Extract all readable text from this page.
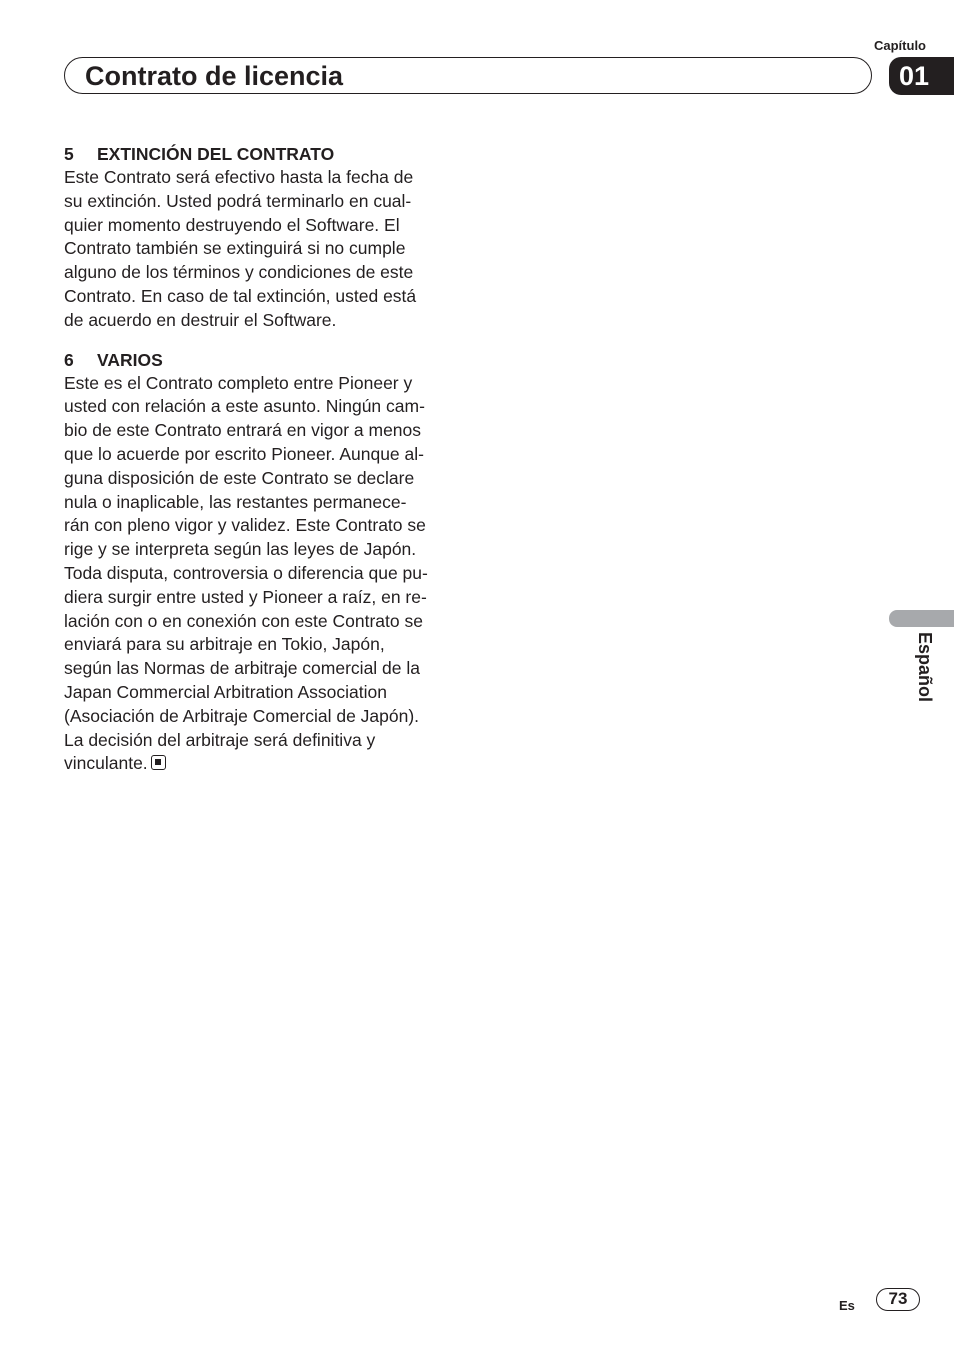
Capítulo
Contrato de licencia	01

5 EXTINCIÓN DEL CONTRATO

Este Contrato será efectivo hasta la fecha de

su extinción. Usted podrá terminarlo en cual-

quier momento destruyendo el Software. El

Contrato también se extinguirá si no cumple

alguno de los términos y condiciones de este

Contrato. En caso de tal extinción, usted está

de acuerdo en destruir el Software.

6 VARIOS

Este es el Contrato completo entre Pioneer y

usted con relación a este asunto. Ningún cam-

bio de este Contrato entrará en vigor a menos

que lo acuerde por escrito Pioneer. Aunque al-

guna disposición de este Contrato se declare

nula o inaplicable, las restantes permanece-

rán con pleno vigor y validez. Este Contrato se

rige y se interpreta según las leyes de Japón.

Toda disputa, controversia o diferencia que pu-

diera surgir entre usted y Pioneer a raíz, en re-

lación con o en conexión con este Contrato se

enviará para su arbitraje en Tokio, Japón,

según las Normas de arbitraje comercial de la

Japan Commercial Arbitration Association

(Asociación de Arbitraje Comercial de Japón).

La decisión del arbitraje será definitiva y

vinculante.

Español
Es	73
